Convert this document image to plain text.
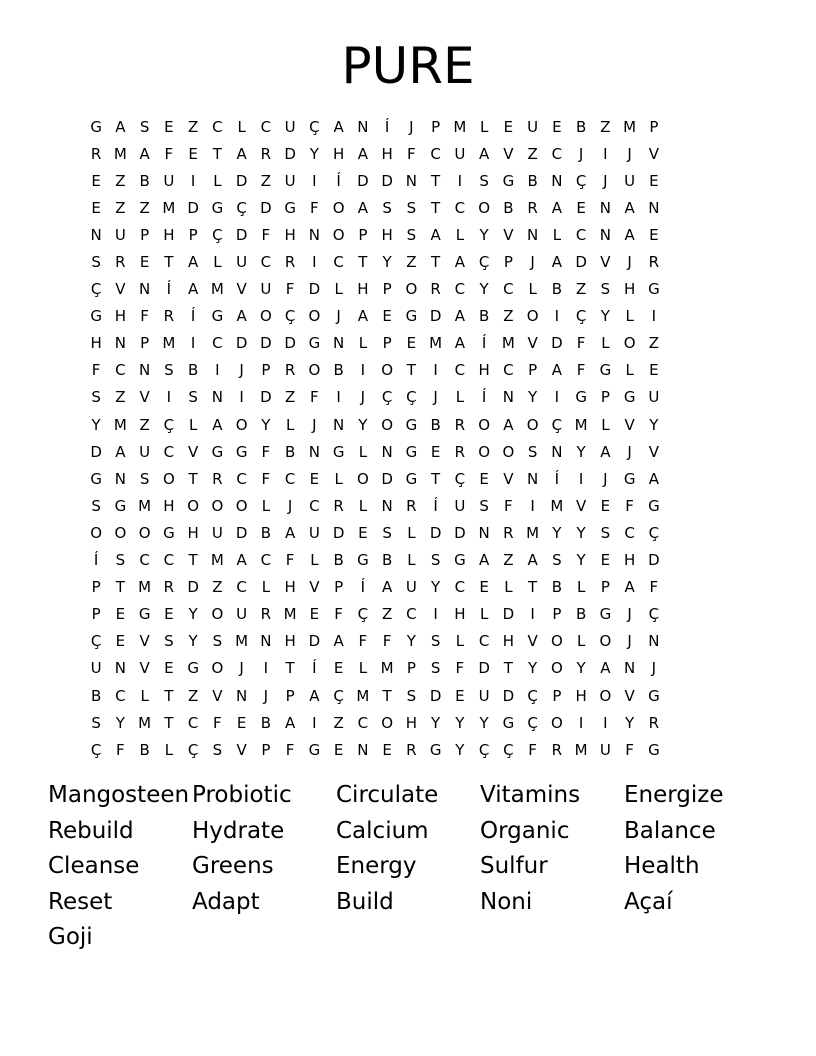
PURE
G A S E Z C L C U Ç A N	Í	J	P M L	E U E B Z M P
R M A F	E T A R D Y H A H F C U A V Z C	J	I	J	V
E Z B U	I	L D Z U	I	Í	D D N T	I	S G B N Ç	J	U E
E Z Z M D G Ç D G F O A S S T C O B R A E N A N
N U P H P Ç D F H N O P H S A L	Y V N L C N A E
S R E T A L U C R	I	C T	Y Z T A Ç P	J	A D V	J	R
Ç V N	Í	A M V U F D L H P O R C Y C L B Z S H G
G H F R	Í	G A O Ç O	J	A E G D A B Z O	I	Ç Y	L	I
H N P M	I	C D D D G N L	P E M A	Í	M V D F	L O Z
F C N S B	I	J	P R O B	I	O T	I	C H C P A F G L	E
S Z V	I	S N	I	D Z F	I	J	Ç Ç	J	L	Í	N Y	I	G P G U
Y M Z Ç L A O Y	L	J	N Y O G B R O A O Ç M L V Y
D A U C V G G F B N G L N G E R O O S N Y A	J	V
G N S O T R C F C E	L O D G T Ç E V N	Í	I	J	G A
S G M H O O O L	J	C R L N R	Í	U S	F	I	M V E	F G
O O O G H U D B A U D E S	L D D N R M Y	Y S C Ç
Í	S C C T M A C F	L B G B L	S G A Z A S Y E H D
P	T M R D Z C L H V P	Í	A U Y C E	L	T B L	P A F
P E G E Y O U R M E	F Ç Z C	I	H L D	I	P B G	J	Ç
Ç E V S Y S M N H D A F	F	Y S	L C H V O L O	J	N
U N V E G O	J	I	T	Í	E	L M P S	F D T	Y O Y A N	J
B C L	T Z V N	J	P A Ç M T S D E U D Ç P H O V G
S Y M T C F	E B A	I	Z C O H Y	Y	Y G Ç O	I	I	Y R
Ç F B L Ç S V P	F G E N E R G Y Ç Ç F R M U F G
Mangosteen Probiotic	Circulate	Vitamins	Energize
Rebuild	Hydrate	Calcium	Organic	Balance
Cleanse	Greens	Energy	Sulfur	Health
Reset	Adapt	Build	Noni	Açaí
Goji
